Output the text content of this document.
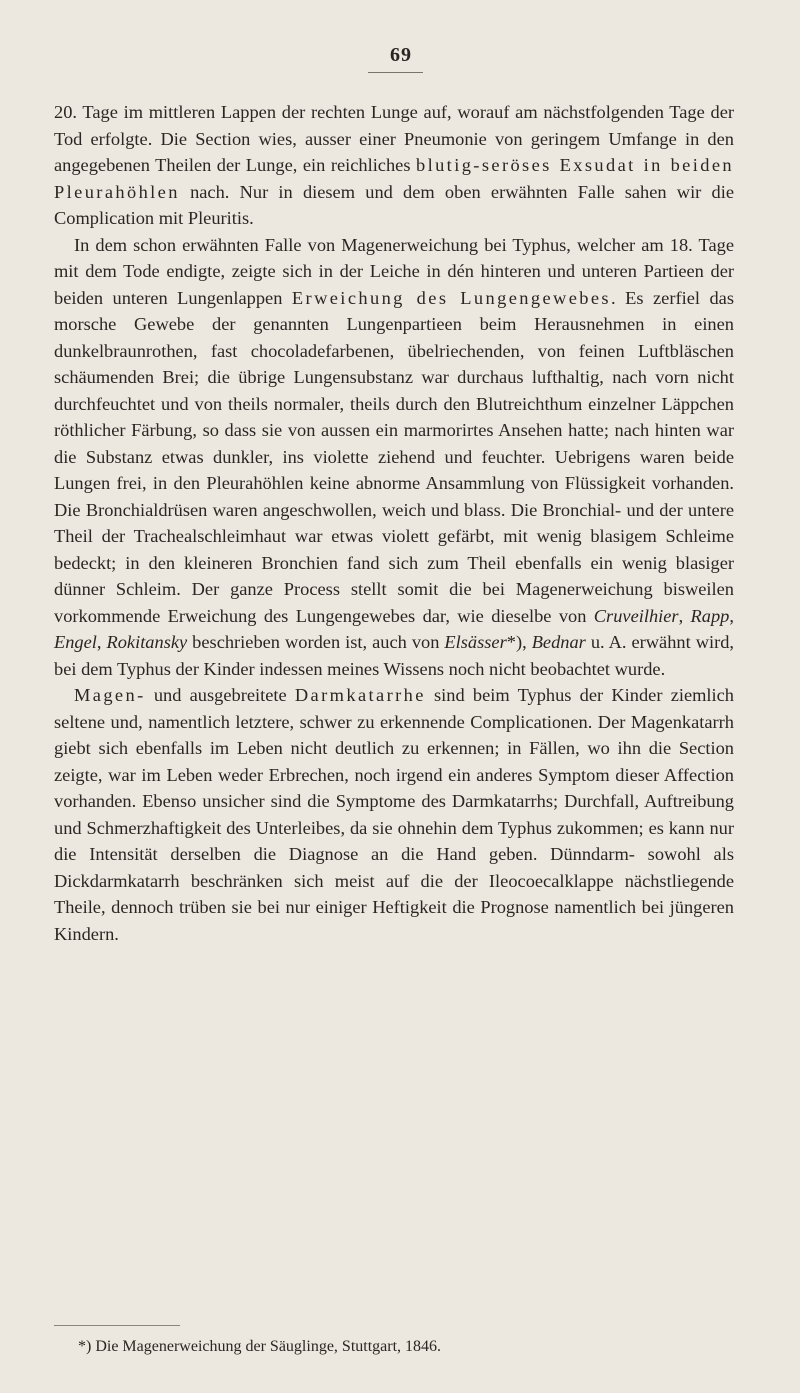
69

20. Tage im mittleren Lappen der rechten Lunge auf, worauf am nächstfolgenden Tage der Tod erfolgte. Die Section wies, ausser einer Pneumonie von geringem Umfange in den angegebenen Theilen der Lunge, ein reichliches blutig-seröses Exsudat in beiden Pleurahöhlen nach. Nur in diesem und dem oben erwähnten Falle sahen wir die Complication mit Pleuritis.

In dem schon erwähnten Falle von Magenerweichung bei Typhus, welcher am 18. Tage mit dem Tode endigte, zeigte sich in der Leiche in dén hinteren und unteren Partieen der beiden unteren Lungenlappen Erweichung des Lungengewebes. Es zerfiel das morsche Gewebe der genannten Lungenpartieen beim Herausnehmen in einen dunkelbraunrothen, fast chocoladefarbenen, übelriechenden, von feinen Luftbläschen schäumenden Brei; die übrige Lungensubstanz war durchaus lufthaltig, nach vorn nicht durchfeuchtet und von theils normaler, theils durch den Blutreichthum einzelner Läppchen röthlicher Färbung, so dass sie von aussen ein marmorirtes Ansehen hatte; nach hinten war die Substanz etwas dunkler, ins violette ziehend und feuchter. Uebrigens waren beide Lungen frei, in den Pleurahöhlen keine abnorme Ansammlung von Flüssigkeit vorhanden. Die Bronchialdrüsen waren angeschwollen, weich und blass. Die Bronchial- und der untere Theil der Trachealschleimhaut war etwas violett gefärbt, mit wenig blasigem Schleime bedeckt; in den kleineren Bronchien fand sich zum Theil ebenfalls ein wenig blasiger dünner Schleim. Der ganze Process stellt somit die bei Magenerweichung bisweilen vorkommende Erweichung des Lungengewebes dar, wie dieselbe von Cruveilhier, Rapp, Engel, Rokitansky beschrieben worden ist, auch von Elsässer*), Bednar u. A. erwähnt wird, bei dem Typhus der Kinder indessen meines Wissens noch nicht beobachtet wurde.

Magen- und ausgebreitete Darmkatarrhe sind beim Typhus der Kinder ziemlich seltene und, namentlich letztere, schwer zu erkennende Complicationen. Der Magenkatarrh giebt sich ebenfalls im Leben nicht deutlich zu erkennen; in Fällen, wo ihn die Section zeigte, war im Leben weder Erbrechen, noch irgend ein anderes Symptom dieser Affection vorhanden. Ebenso unsicher sind die Symptome des Darmkatarrhs; Durchfall, Auftreibung und Schmerzhaftigkeit des Unterleibes, da sie ohnehin dem Typhus zukommen; es kann nur die Intensität derselben die Diagnose an die Hand geben. Dünndarm- sowohl als Dickdarmkatarrh beschränken sich meist auf die der Ileocoecalklappe nächstliegende Theile, dennoch trüben sie bei nur einiger Heftigkeit die Prognose namentlich bei jüngeren Kindern.

*) Die Magenerweichung der Säuglinge, Stuttgart, 1846.
